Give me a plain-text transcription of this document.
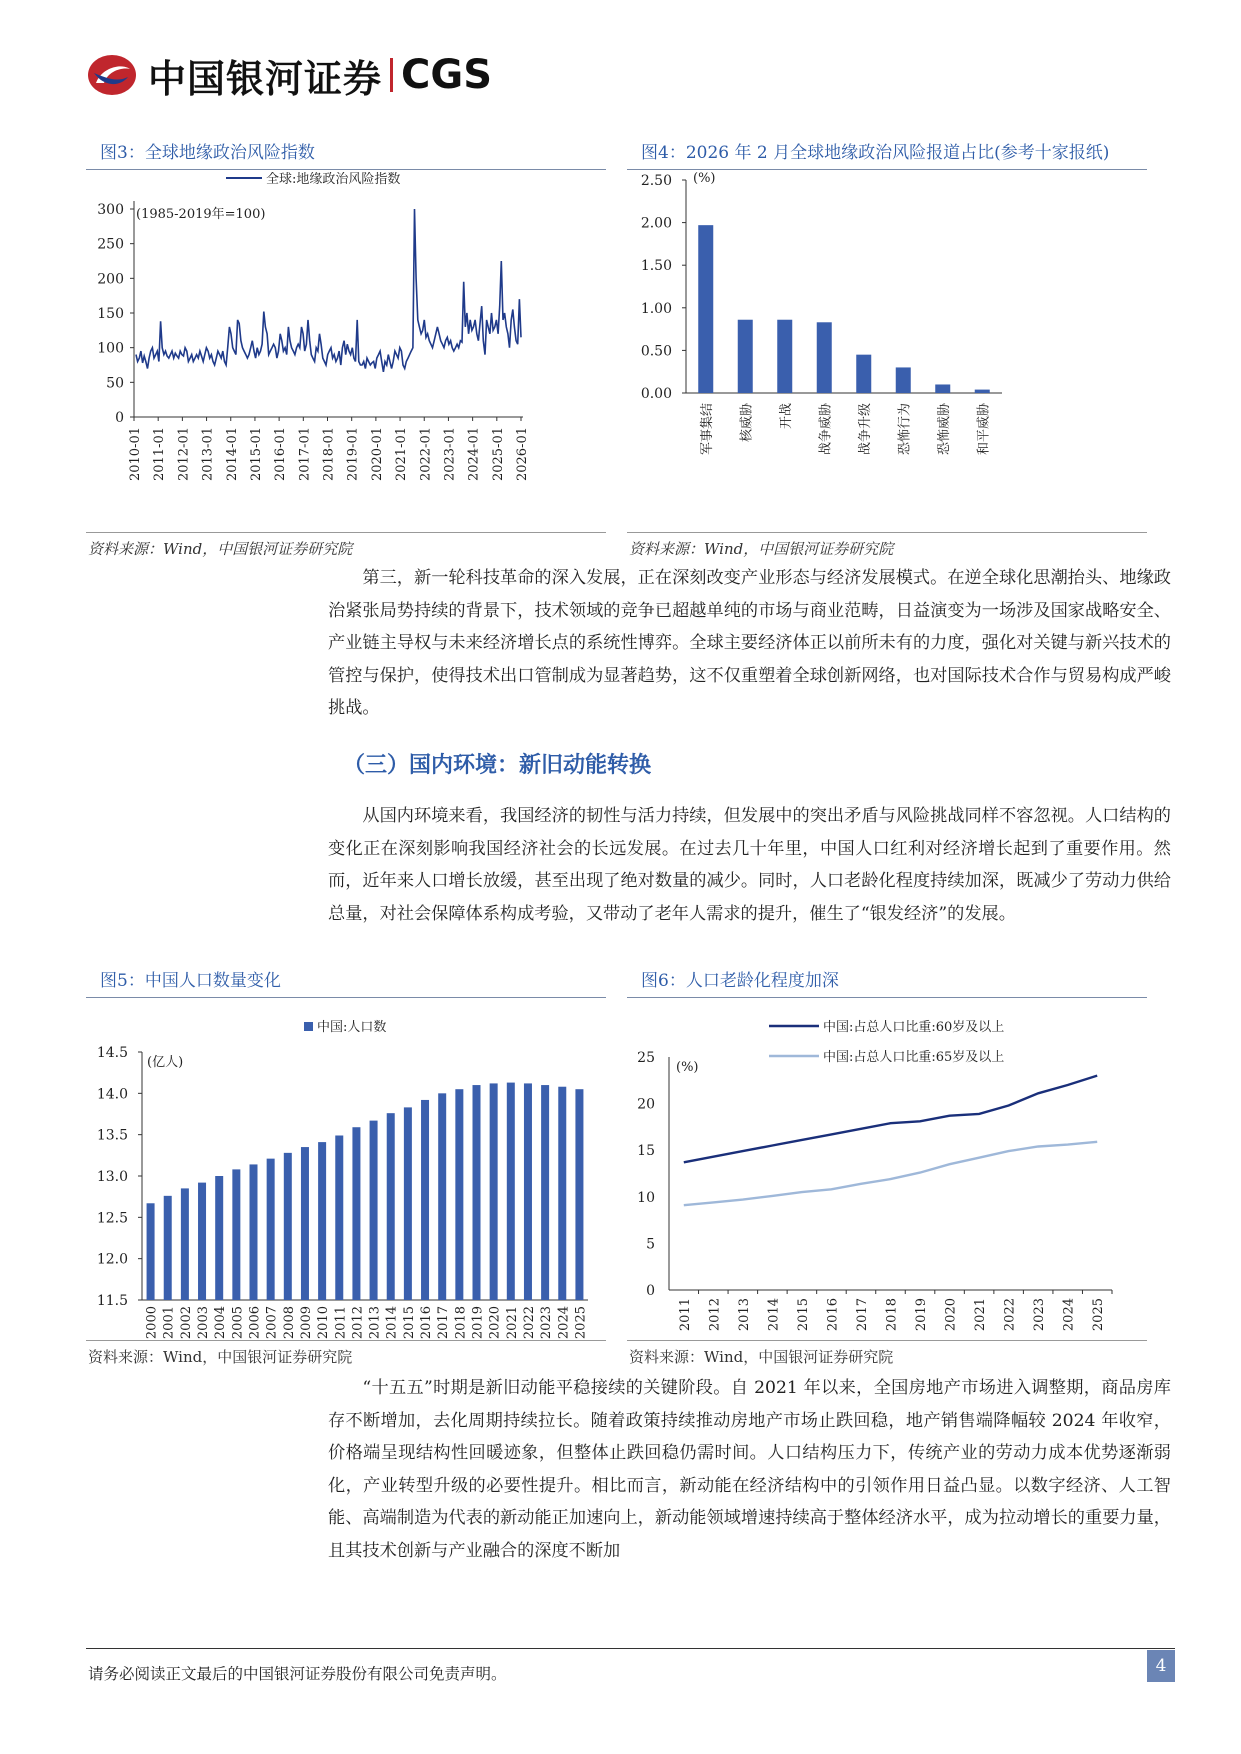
中国银河证券 CGS
图3：全球地缘政治风险指数
0
50
100
150
200
250
300
2010-01 2011-01 2012-01 2013-01 2014-01 2015-01 2016-01 2017-01 2018-01 2019-01 2020-01 2021-01 2022-01 2023-01 2024-01 2025-01 2026-01
全球:地缘政治风险指数
(1985-2019年=100)
资料来源：Wind，中国银河证券研究院
图4：2026 年 2 月全球地缘政治风险报道占比(参考十家报纸)
0.00
0.50
1.00
1.50
2.00
2.50 (%)
军事集结 核威胁 开战 战争威胁 战争升级 恐怖行为 恐怖威胁 和平威胁
资料来源：Wind，中国银河证券研究院
第三，新一轮科技革命的深入发展，正在深刻改变产业形态与经济发展模式。在逆全球化思潮抬头、地缘政治紧张局势持续的背景下，技术领域的竞争已超越单纯的市场与商业范畴，日益演变为一场涉及国家战略安全、产业链主导权与未来经济增长点的系统性博弈。全球主要经济体正以前所未有的力度，强化对关键与新兴技术的管控与保护，使得技术出口管制成为显著趋势，这不仅重塑着全球创新网络，也对国际技术合作与贸易构成严峻挑战。
（三）国内环境：新旧动能转换
从国内环境来看，我国经济的韧性与活力持续，但发展中的突出矛盾与风险挑战同样不容忽视。人口结构的变化正在深刻影响我国经济社会的长远发展。在过去几十年里，中国人口红利对经济增长起到了重要作用。然而，近年来人口增长放缓，甚至出现了绝对数量的减少。同时，人口老龄化程度持续加深，既减少了劳动力供给总量，对社会保障体系构成考验，又带动了老年人需求的提升，催生了“银发经济”的发展。
图5：中国人口数量变化
11.5
12.0
12.5
13.0
13.5
14.0
14.5
(亿人)
中国:人口数
2000 2001 2002 2003 2004 2005 2006 2007 2008 2009 2010 2011 2012 2013 2014 2015 2016 2017 2018 2019 2020 2021 2022 2023 2024 2025
资料来源：Wind，中国银河证券研究院
图6：人口老龄化程度加深
0
5
10
15
20
25
(%)
2011 2012 2013 2014 2015 2016 2017 2018 2019 2020 2021 2022 2023 2024 2025
中国:占总人口比重:60岁及以上
中国:占总人口比重:65岁及以上
资料来源：Wind，中国银河证券研究院
“十五五”时期是新旧动能平稳接续的关键阶段。自 2021 年以来，全国房地产市场进入调整期，商品房库存不断增加，去化周期持续拉长。随着政策持续推动房地产市场止跌回稳，地产销售端降幅较 2024 年收窄，价格端呈现结构性回暖迹象，但整体止跌回稳仍需时间。人口结构压力下，传统产业的劳动力成本优势逐渐弱化，产业转型升级的必要性提升。相比而言，新动能在经济结构中的引领作用日益凸显。以数字经济、人工智能、高端制造为代表的新动能正加速向上，新动能领域增速持续高于整体经济水平，成为拉动增长的重要力量，且其技术创新与产业融合的深度不断加
请务必阅读正文最后的中国银河证券股份有限公司免责声明。	4
